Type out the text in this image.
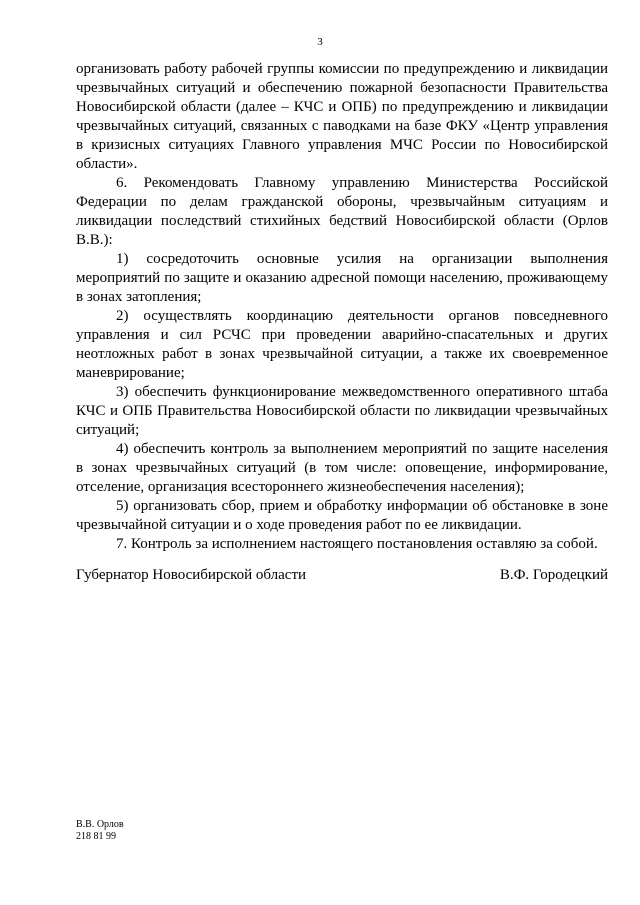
3

организовать работу рабочей группы комиссии по предупреждению и ликвидации чрезвычайных ситуаций и обеспечению пожарной безопасности Правительства Новосибирской области (далее – КЧС и ОПБ) по предупреждению и ликвидации чрезвычайных ситуаций, связанных с паводками на базе ФКУ «Центр управления в кризисных ситуациях Главного управления МЧС России по Новосибирской области».

6. Рекомендовать Главному управлению Министерства Российской Федерации по делам гражданской обороны, чрезвычайным ситуациям и ликвидации последствий стихийных бедствий Новосибирской области (Орлов В.В.):

1) сосредоточить основные усилия на организации выполнения мероприятий по защите и оказанию адресной помощи населению, проживающему в зонах затопления;

2) осуществлять координацию деятельности органов повседневного управления и сил РСЧС при проведении аварийно-спасательных и других неотложных работ в зонах чрезвычайной ситуации, а также их своевременное маневрирование;

3) обеспечить функционирование межведомственного оперативного штаба КЧС и ОПБ Правительства Новосибирской области по ликвидации чрезвычайных ситуаций;

4) обеспечить контроль за выполнением мероприятий по защите населения в зонах чрезвычайных ситуаций (в том числе: оповещение, информирование, отселение, организация всестороннего жизнеобеспечения населения);

5) организовать сбор, прием и обработку информации об обстановке в зоне чрезвычайной ситуации и о ходе проведения работ по ее ликвидации.

7. Контроль за исполнением настоящего постановления оставляю за собой.

Губернатор Новосибирской области	В.Ф. Городецкий
В.В. Орлов
218 81 99
